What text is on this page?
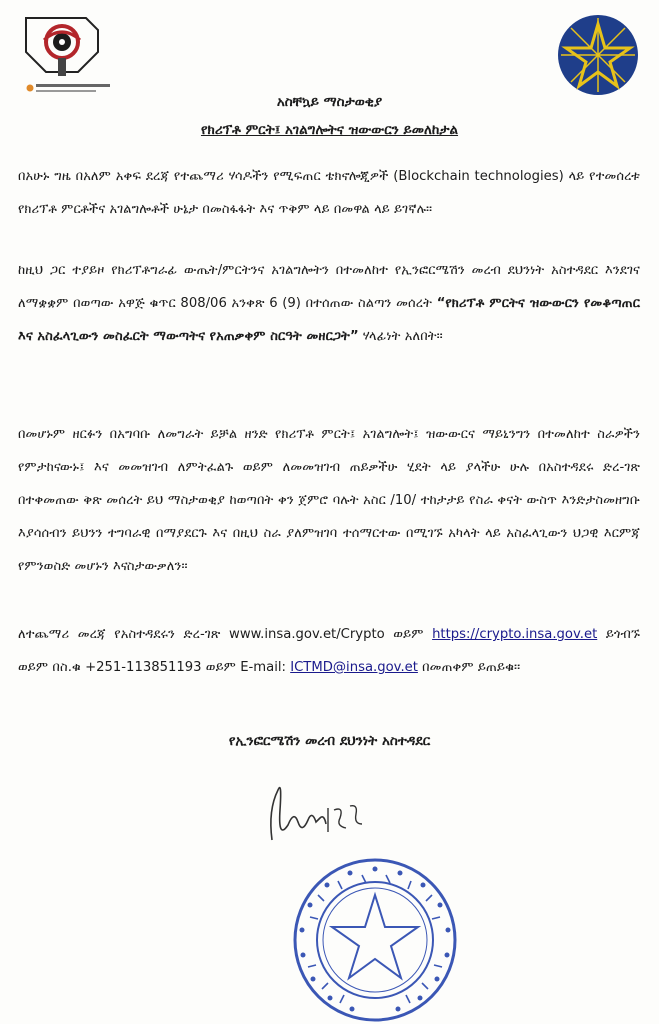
አስቸኳይ ማስታወቂያ
የክሪፕቶ ምርት፤ አገልግሎትና ዝውውርን ይመለከታል
በአሁኑ ግዜ በአለም አቀፍ ደረጃ የተጨማሪ ሃሳዶችን የሚፍጠር ቴክኖሎጂዎች (Blockchain technologies) ላይ የተመሰረቱ የክሪፕቶ ምርቶችና አገልግሎቶች ሁኔታ በመስፋፋት እና ጥቅም ላይ በመዋል ላይ ይገኛሉ።
ከዚህ ጋር ተያይዞ የክሪፕቶግራፊ ውጤት/ምርትንና አገልግሎትን በተመለከተ የኢንፎርሜሽን መረብ ደህንነት አስተዳደር እንደገና ለማቋቋም በወጣው አዋጅ ቁጥር 808/06 አንቀጽ 6 (9) በተሰጠው ስልጣን መሰረት “የክሪፕቶ ምርትና ዝውውርን የመቆጣጠር እና አስፈላጊውን መስፈርት ማውጣትና የአጠቃቀም ስርዓት መዘርጋት” ሃላፊነት አለበት።
በመሆኑም ዘርፉን በአግባቡ ለመግራት ይቻል ዘንድ የክሪፕቶ ምርት፤ አገልግሎት፤ ዝውውርና ማይኒንግን በተመለከተ ስራዎችን የምታከናውኑ፤ እና መመዝገብ ለምትፈልጉ ወይም ለመመዝገብ ጠይቃችሁ ሂደት ላይ ያላችሁ ሁሉ በአስተዳደሩ ድረ-ገጽ በተቀመጠው ቅጽ መሰረት ይህ ማስታወቂያ ከወጣበት ቀን ጀምሮ ባሉት አስር /10/ ተከታታይ የስራ ቀናት ውስጥ እንድታስመዘግቡ እያሳሰብን ይህንን ተግባራዊ በማያደርጉ እና በዚህ ስራ ያለምዝገባ ተሰማርተው በሚገኙ አካላት ላይ አስፈላጊውን ህጋዊ እርምጃ የምንወስድ መሆኑን እናስታውቃለን፡፡
ለተጨማሪ መረጃ የአስተዳደሩን ድረ-ገጽ www.insa.gov.et/Crypto ወይም https://crypto.insa.gov.et ይጎብኙ ወይም በስ.ቁ +251-113851193 ወይም E-mail: ICTMD@insa.gov.et በመጠቀም ይጠይቁ፡፡
የኢንፎርሜሽን መረብ ደህንነት አስተዳደር
